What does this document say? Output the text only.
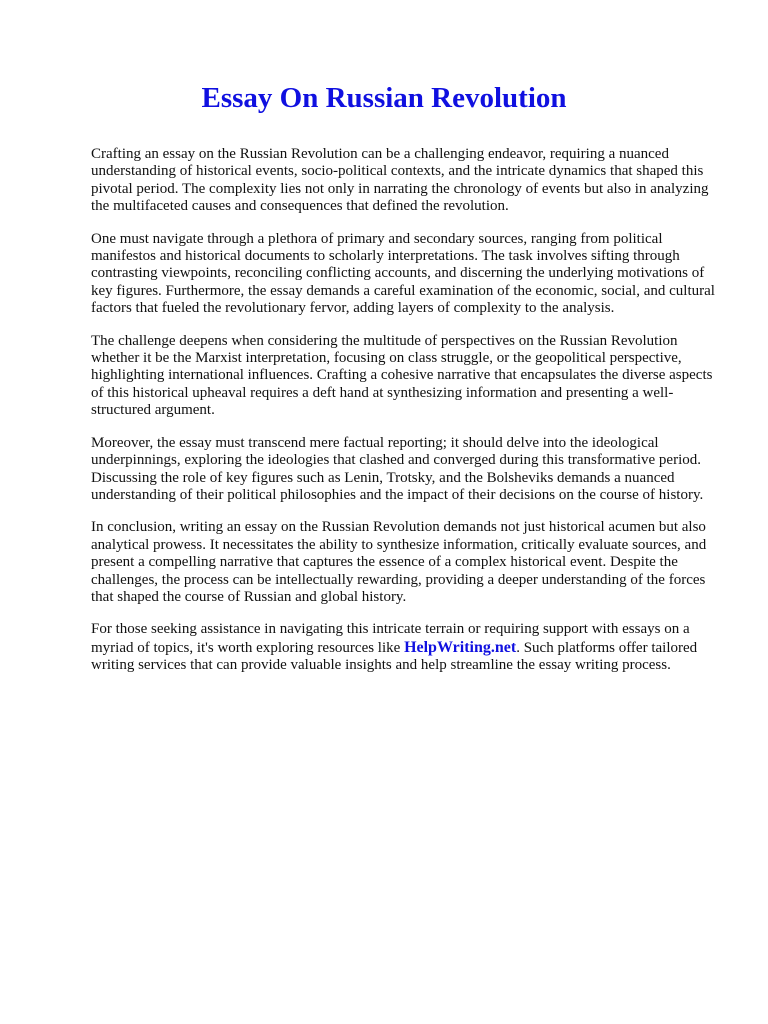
Essay On Russian Revolution

Crafting an essay on the Russian Revolution can be a challenging endeavor, requiring a nuanced understanding of historical events, socio-political contexts, and the intricate dynamics that shaped this pivotal period. The complexity lies not only in narrating the chronology of events but also in analyzing the multifaceted causes and consequences that defined the revolution.

One must navigate through a plethora of primary and secondary sources, ranging from political manifestos and historical documents to scholarly interpretations. The task involves sifting through contrasting viewpoints, reconciling conflicting accounts, and discerning the underlying motivations of key figures. Furthermore, the essay demands a careful examination of the economic, social, and cultural factors that fueled the revolutionary fervor, adding layers of complexity to the analysis.

The challenge deepens when considering the multitude of perspectives on the Russian Revolution whether it be the Marxist interpretation, focusing on class struggle, or the geopolitical perspective, highlighting international influences. Crafting a cohesive narrative that encapsulates the diverse aspects of this historical upheaval requires a deft hand at synthesizing information and presenting a well-structured argument.

Moreover, the essay must transcend mere factual reporting; it should delve into the ideological underpinnings, exploring the ideologies that clashed and converged during this transformative period. Discussing the role of key figures such as Lenin, Trotsky, and the Bolsheviks demands a nuanced understanding of their political philosophies and the impact of their decisions on the course of history.

In conclusion, writing an essay on the Russian Revolution demands not just historical acumen but also analytical prowess. It necessitates the ability to synthesize information, critically evaluate sources, and present a compelling narrative that captures the essence of a complex historical event. Despite the challenges, the process can be intellectually rewarding, providing a deeper understanding of the forces that shaped the course of Russian and global history.

For those seeking assistance in navigating this intricate terrain or requiring support with essays on a myriad of topics, it's worth exploring resources like HelpWriting.net. Such platforms offer tailored writing services that can provide valuable insights and help streamline the essay writing process.
